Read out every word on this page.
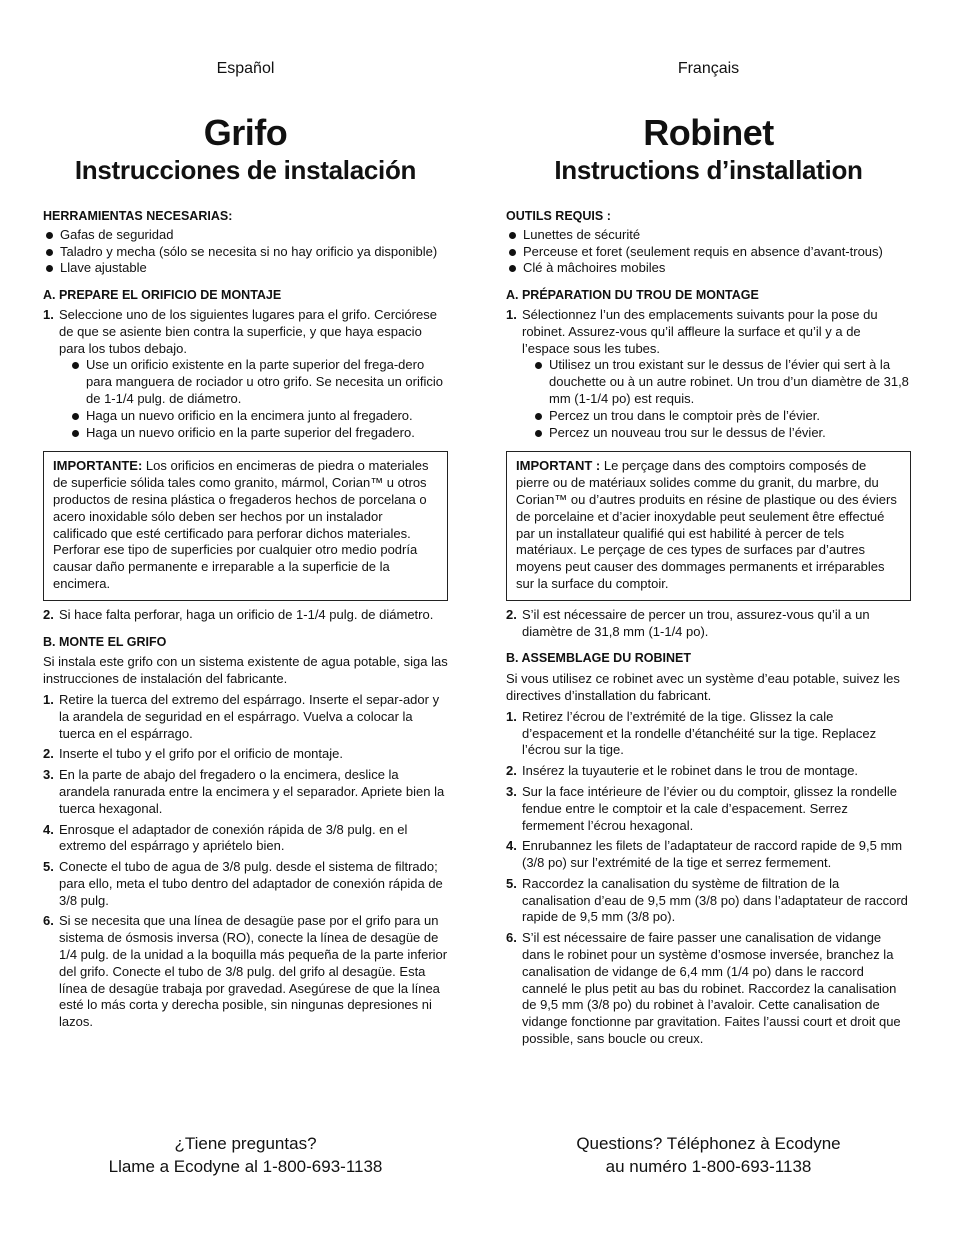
Español
Grifo
Instrucciones de instalación
HERRAMIENTAS NECESARIAS:
Gafas de seguridad
Taladro y mecha (sólo se necesita si no hay orificio ya disponible)
Llave ajustable
A. PREPARE EL ORIFICIO DE MONTAJE
1. Seleccione uno de los siguientes lugares para el grifo. Cerciórese de que se asiente bien contra la superficie, y que haya espacio para los tubos debajo.
Use un orificio existente en la parte superior del frega-dero para manguera de rociador u otro grifo. Se necesita un orificio de 1-1/4 pulg. de diámetro.
Haga un nuevo orificio en la encimera junto al fregadero.
Haga un nuevo orificio en la parte superior del fregadero.
IMPORTANTE: Los orificios en encimeras de piedra o materiales de superficie sólida tales como granito, mármol, Corian™ u otros productos de resina plástica o fregaderos hechos de porcelana o acero inoxidable sólo deben ser hechos por un instalador calificado que esté certificado para perforar dichos materiales. Perforar ese tipo de superficies por cualquier otro medio podría causar daño permanente e irreparable a la superficie de la encimera.
2. Si hace falta perforar, haga un orificio de 1-1/4 pulg. de diámetro.
B. MONTE EL GRIFO
Si instala este grifo con un sistema existente de agua potable, siga las instrucciones de instalación del fabricante.
1. Retire la tuerca del extremo del espárrago. Inserte el separ-ador y la arandela de seguridad en el espárrago. Vuelva a colocar la tuerca en el espárrago.
2. Inserte el tubo y el grifo por el orificio de montaje.
3. En la parte de abajo del fregadero o la encimera, deslice la arandela ranurada entre la encimera y el separador. Apriete bien la tuerca hexagonal.
4. Enrosque el adaptador de conexión rápida de 3/8 pulg. en el extremo del espárrago y apriételo bien.
5. Conecte el tubo de agua de 3/8 pulg. desde el sistema de filtrado; para ello, meta el tubo dentro del adaptador de conexión rápida de 3/8 pulg.
6. Si se necesita que una línea de desagüe pase por el grifo para un sistema de ósmosis inversa (RO), conecte la línea de desagüe de 1/4 pulg. de la unidad a la boquilla más pequeña de la parte inferior del grifo. Conecte el tubo de 3/8 pulg. del grifo al desagüe. Esta línea de desagüe trabaja por gravedad. Asegúrese de que la línea esté lo más corta y derecha posible, sin ningunas depresiones ni lazos.
¿Tiene preguntas?
Llame a Ecodyne al 1-800-693-1138
Français
Robinet
Instructions d’installation
OUTILS REQUIS :
Lunettes de sécurité
Perceuse et foret (seulement requis en absence d’avant-trous)
Clé à mâchoires mobiles
A. PRÉPARATION DU TROU DE MONTAGE
1. Sélectionnez l’un des emplacements suivants pour la pose du robinet. Assurez-vous qu’il affleure la surface et qu’il y a de l’espace sous les tubes.
Utilisez un trou existant sur le dessus de l’évier qui sert à la douchette ou à un autre robinet. Un trou d’un diamètre de 31,8 mm (1-1/4 po) est requis.
Percez un trou dans le comptoir près de l’évier.
Percez un nouveau trou sur le dessus de l’évier.
IMPORTANT : Le perçage dans des comptoirs composés de pierre ou de matériaux solides comme du granit, du marbre, du Corian™ ou d’autres produits en résine de plastique ou des éviers de porcelaine et d’acier inoxydable peut seulement être effectué par un installateur qualifié qui est habilité à percer de tels matériaux. Le perçage de ces types de surfaces par d’autres moyens peut causer des dommages permanents et irréparables sur la surface du comptoir.
2. S’il est nécessaire de percer un trou, assurez-vous qu’il a un diamètre de 31,8 mm (1-1/4 po).
B. ASSEMBLAGE DU ROBINET
Si vous utilisez ce robinet avec un système d’eau potable, suivez les directives d’installation du fabricant.
1. Retirez l’écrou de l’extrémité de la tige. Glissez la cale d’espacement et la rondelle d’étanchéité sur la tige. Replacez l’écrou sur la tige.
2. Insérez la tuyauterie et le robinet dans le trou de montage.
3. Sur la face intérieure de l’évier ou du comptoir, glissez la rondelle fendue entre le comptoir et la cale d’espacement. Serrez fermement l’écrou hexagonal.
4. Enrubannez les filets de l’adaptateur de raccord rapide de 9,5 mm (3/8 po) sur l’extrémité de la tige et serrez fermement.
5. Raccordez la canalisation du système de filtration de la canalisation d’eau de 9,5 mm (3/8 po) dans l’adaptateur de raccord rapide de 9,5 mm (3/8 po).
6. S’il est nécessaire de faire passer une canalisation de vidange dans le robinet pour un système d’osmose inversée, branchez la canalisation de vidange de 6,4 mm (1/4 po) dans le raccord cannelé le plus petit au bas du robinet. Raccordez la canalisation de 9,5 mm (3/8 po) du robinet à l’avaloir. Cette canalisation de vidange fonctionne par gravitation. Faites l’aussi court et droit que possible, sans boucle ou creux.
Questions? Téléphonez à Ecodyne
au numéro 1-800-693-1138
